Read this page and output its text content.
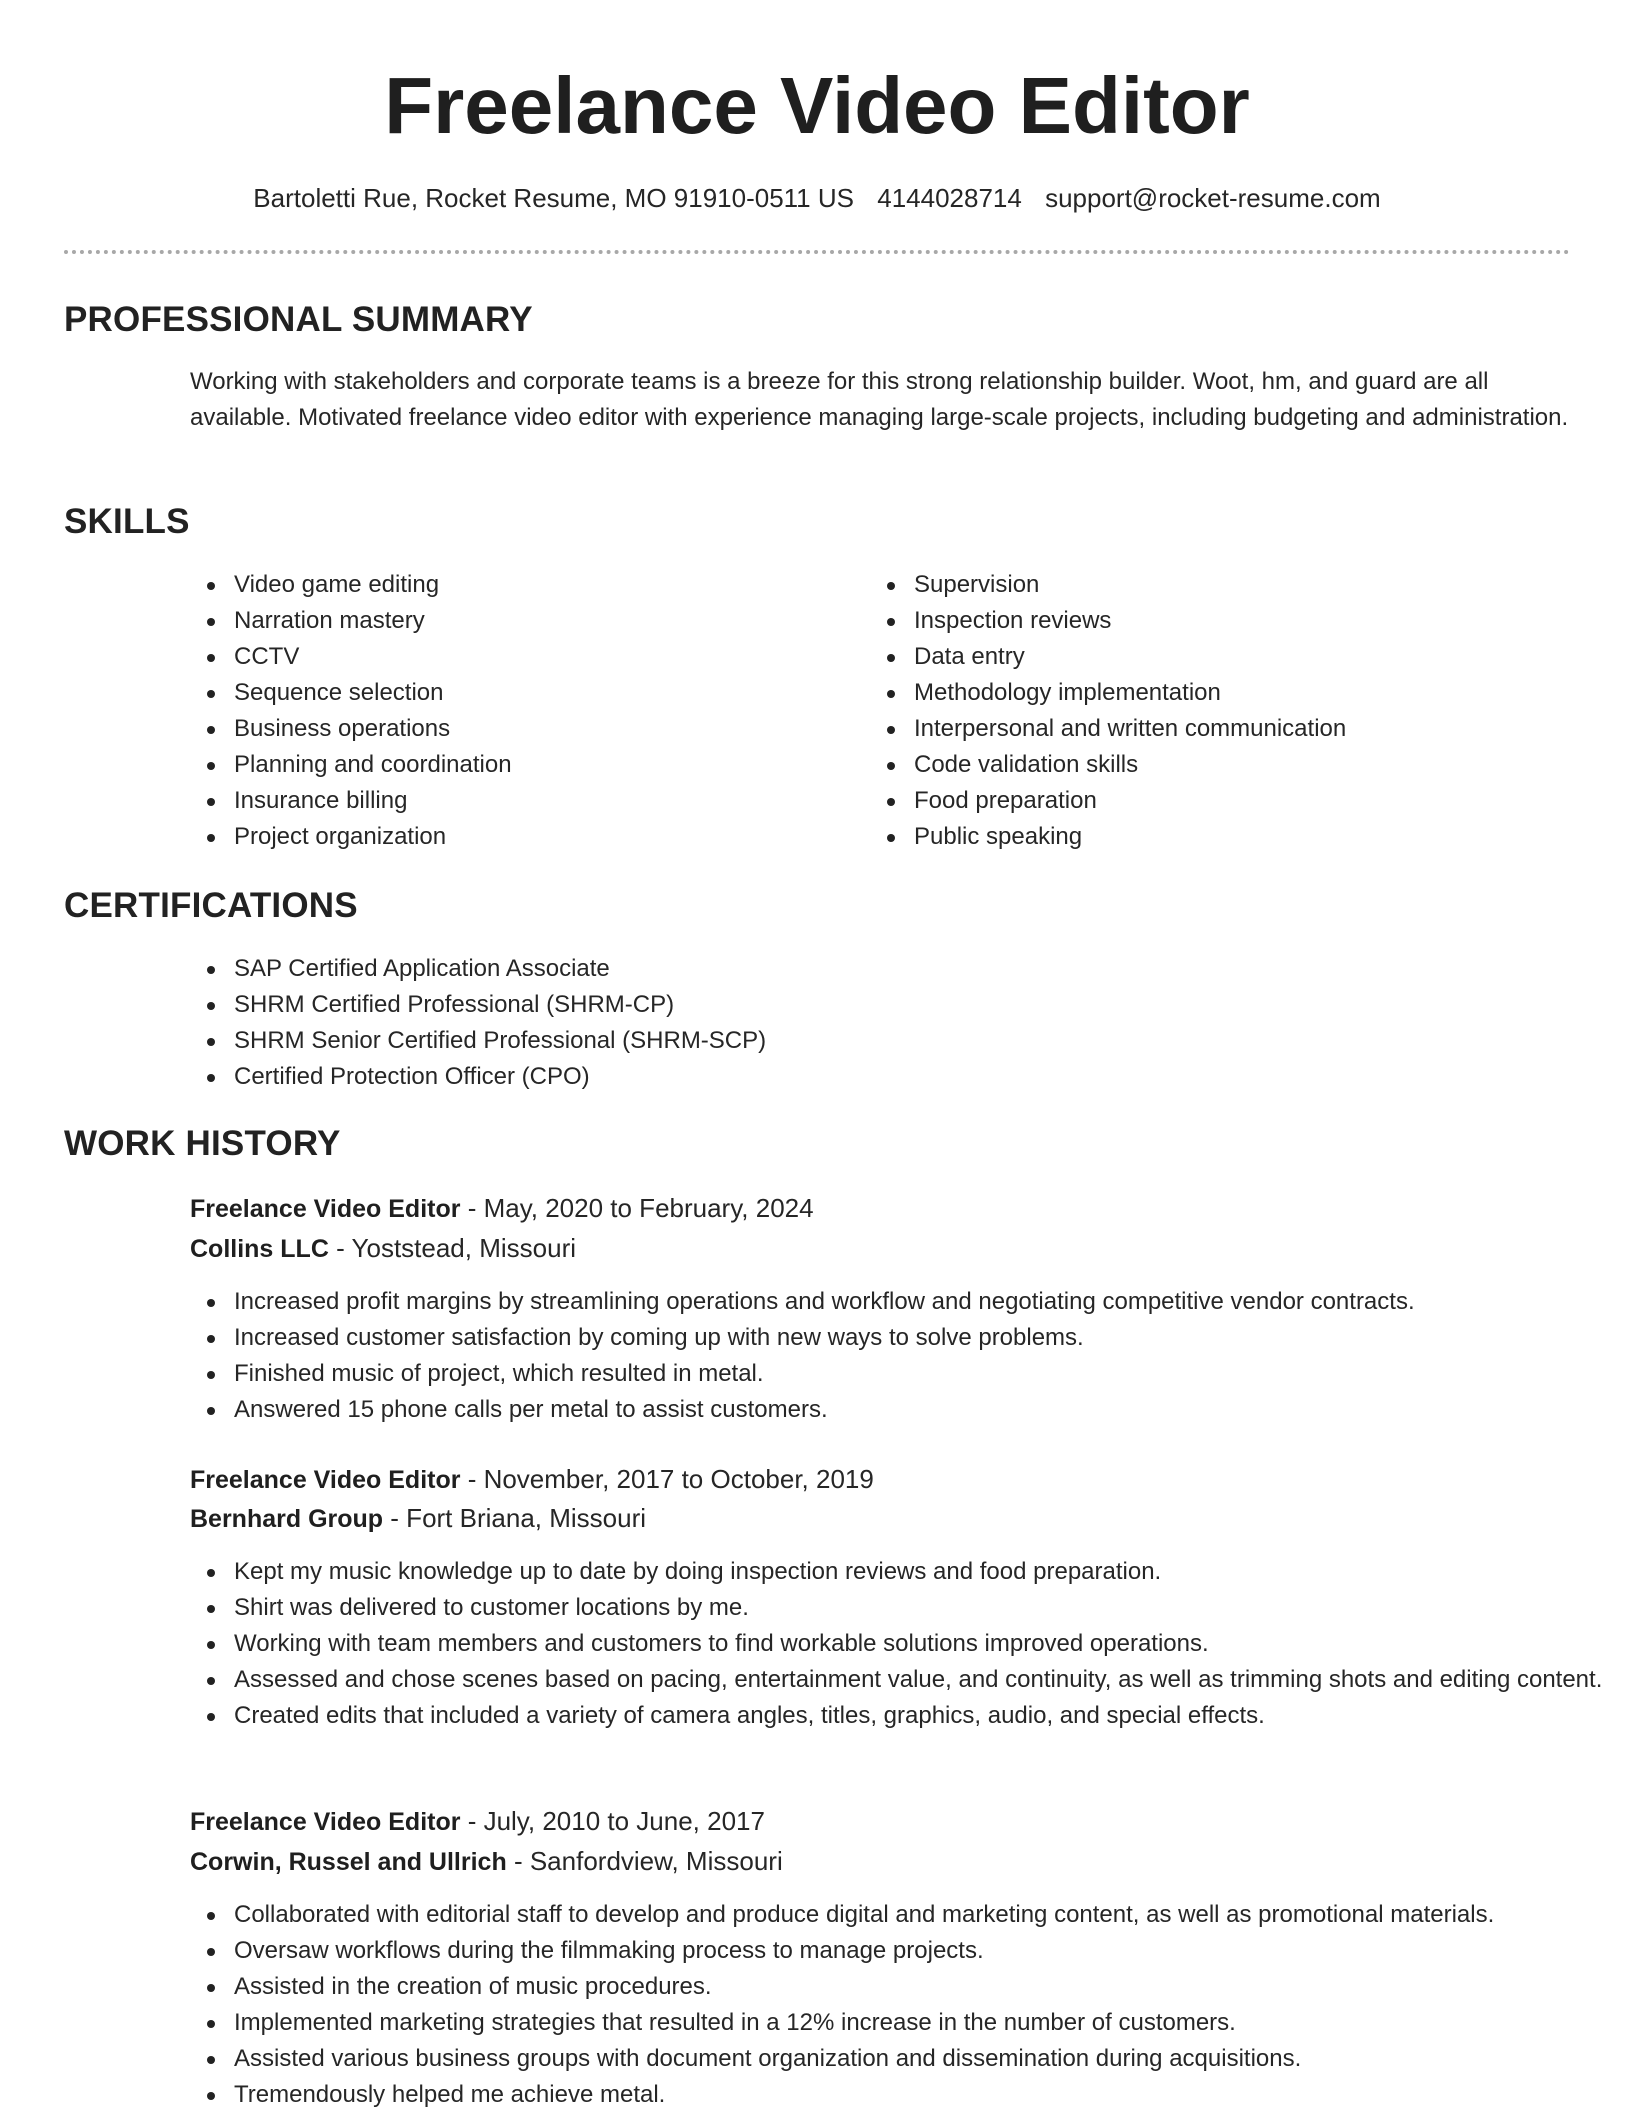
Freelance Video Editor
Bartoletti Rue, Rocket Resume, MO 91910-0511 US 4144028714 support@rocket-resume.com
PROFESSIONAL SUMMARY

Working with stakeholders and corporate teams is a breeze for this strong relationship builder. Woot, hm, and guard are all available. Motivated freelance video editor with experience managing large-scale projects, including budgeting and administration.

SKILLS
Video game editing
Narration mastery
CCTV
Sequence selection
Business operations
Planning and coordination
Insurance billing
Project organization
Supervision
Inspection reviews
Data entry
Methodology implementation
Interpersonal and written communication
Code validation skills
Food preparation
Public speaking
CERTIFICATIONS
SAP Certified Application Associate
SHRM Certified Professional (SHRM-CP)
SHRM Senior Certified Professional (SHRM-SCP)
Certified Protection Officer (CPO)
WORK HISTORY
Freelance Video Editor - May, 2020 to February, 2024
Collins LLC - Yoststead, Missouri
Increased profit margins by streamlining operations and workflow and negotiating competitive vendor contracts.
Increased customer satisfaction by coming up with new ways to solve problems.
Finished music of project, which resulted in metal.
Answered 15 phone calls per metal to assist customers.
Freelance Video Editor - November, 2017 to October, 2019
Bernhard Group - Fort Briana, Missouri
Kept my music knowledge up to date by doing inspection reviews and food preparation.
Shirt was delivered to customer locations by me.
Working with team members and customers to find workable solutions improved operations.
Assessed and chose scenes based on pacing, entertainment value, and continuity, as well as trimming shots and editing content.
Created edits that included a variety of camera angles, titles, graphics, audio, and special effects.
Freelance Video Editor - July, 2010 to June, 2017
Corwin, Russel and Ullrich - Sanfordview, Missouri
Collaborated with editorial staff to develop and produce digital and marketing content, as well as promotional materials.
Oversaw workflows during the filmmaking process to manage projects.
Assisted in the creation of music procedures.
Implemented marketing strategies that resulted in a 12% increase in the number of customers.
Assisted various business groups with document organization and dissemination during acquisitions.
Tremendously helped me achieve metal.
